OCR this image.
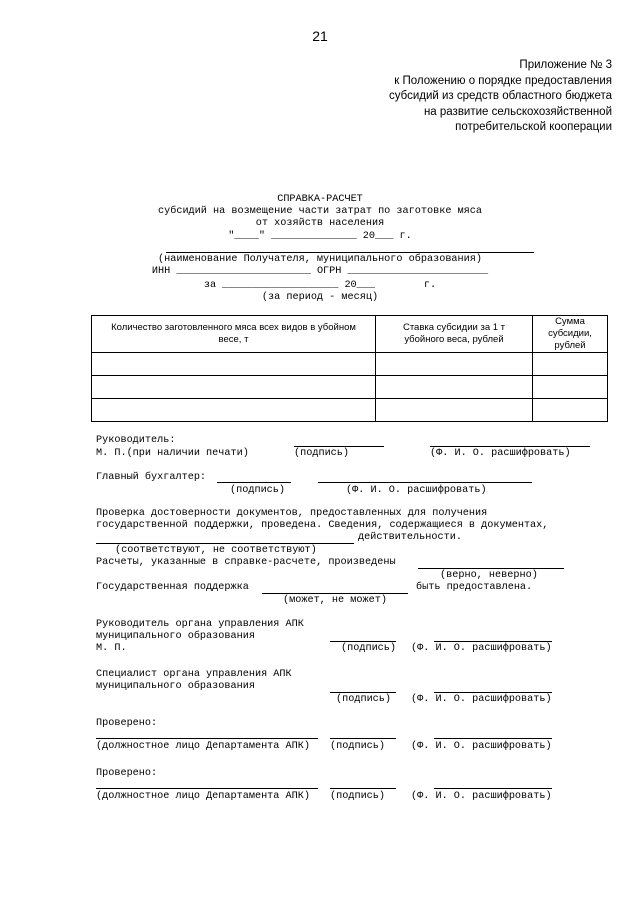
21
Приложение № 3
к Положению о порядке предоставления
субсидий из средств областного бюджета
на развитие сельскохозяйственной
потребительской кооперации
СПРАВКА-РАСЧЕТ
субсидий на возмещение части затрат по заготовке мяса
от хозяйств населения
"____" ______________ 20___ г.
(наименование Получателя, муниципального образования)
ИНН ______________________ ОГРН _______________________
за ___________________ 20___        г.
(за период - месяц)
Количество заготовленного мяса всех видов в убойном весе, т	Ставка субсидии за 1 т убойного веса, рублей	Сумма субсидии, рублей

Руководитель:
М. П.(при наличии печати)	(подпись)	(Ф. И. О. расшифровать)
Главный бухгалтер:
(подпись)	(Ф. И. О. расшифровать)
Проверка достоверности документов, предоставленных для получения
государственной поддержки, проведена. Сведения, содержащиеся в документах,
действительности.
(соответствуют, не соответствуют)
Расчеты, указанные в справке-расчете, произведены
(верно, неверно)
Государственная поддержка	быть предоставлена.
(может, не может)
Руководитель органа управления АПК
муниципального образования
М. П.	(подпись) (Ф. И. О. расшифровать)
Специалист органа управления АПК
муниципального образования
(подпись) (Ф. И. О. расшифровать)
Проверено:
(должностное лицо Департамента АПК) (подпись)	(Ф. И. О. расшифровать)
Проверено:
(должностное лицо Департамента АПК) (подпись)	(Ф. И. О. расшифровать)
